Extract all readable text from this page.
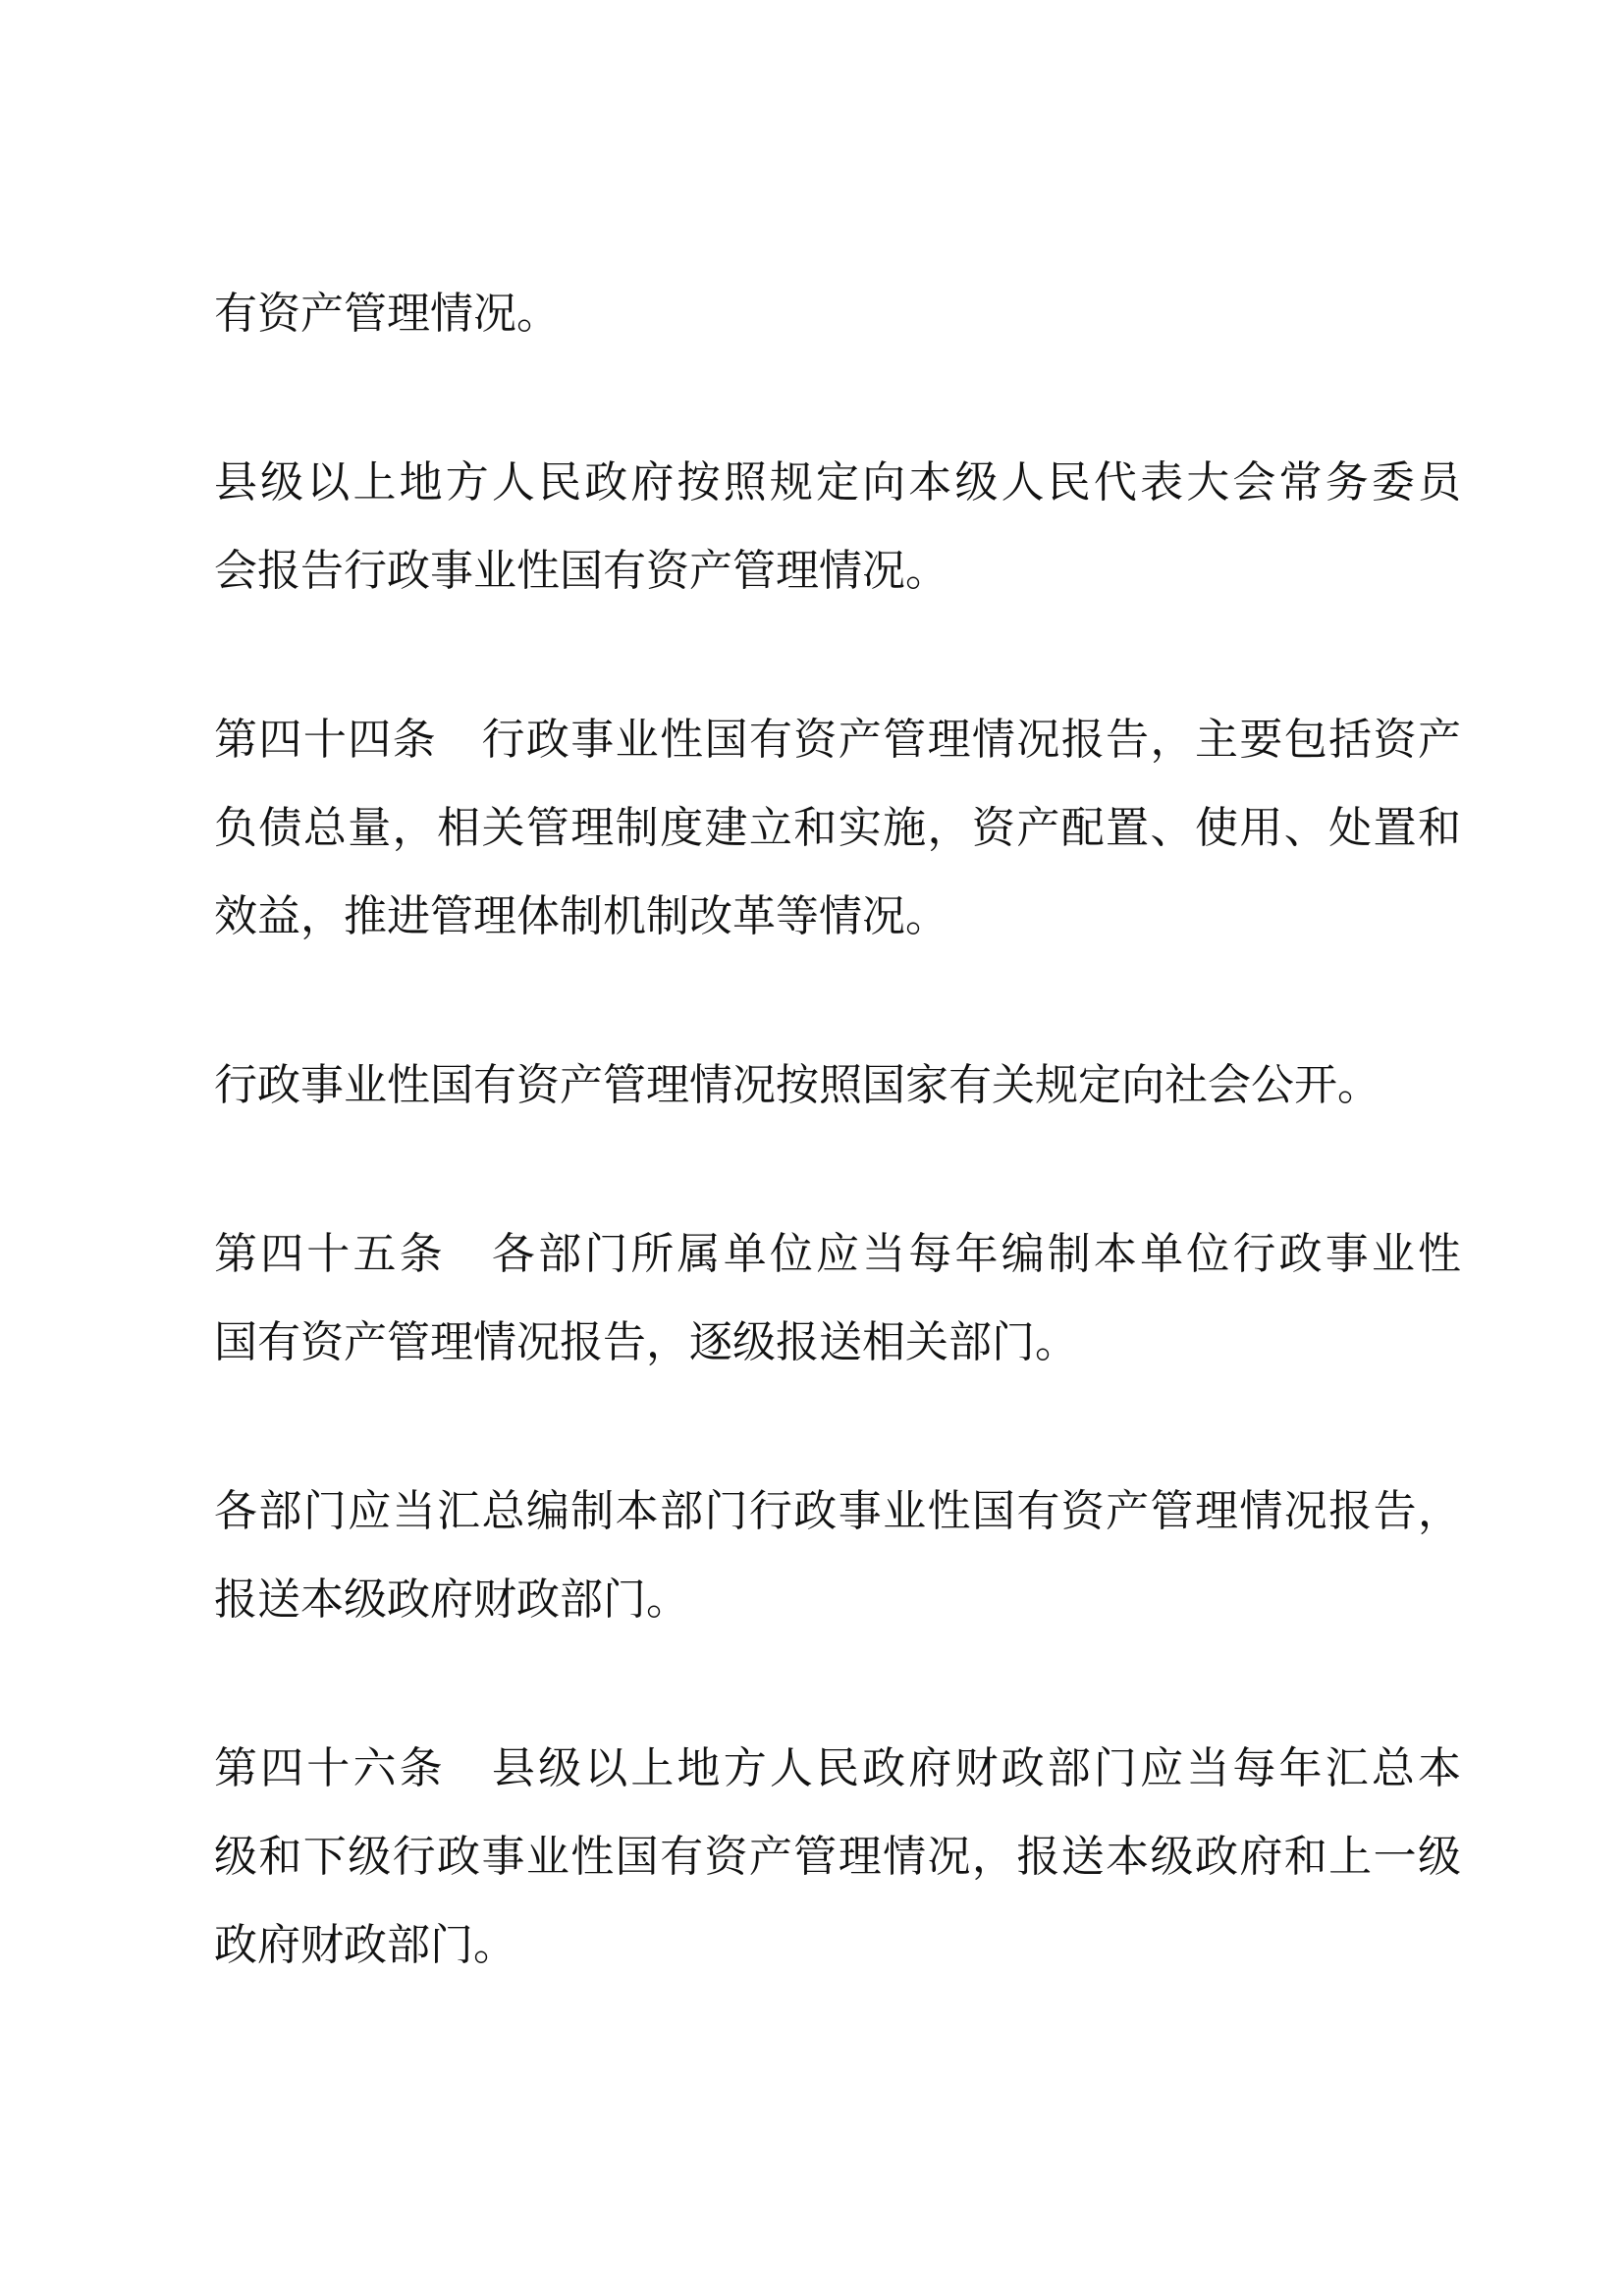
有资产管理情况。
县级以上地方人民政府按照规定向本级人民代表大会常务委员
会报告行政事业性国有资产管理情况。
第四十四条　行政事业性国有资产管理情况报告，主要包括资产
负债总量，相关管理制度建立和实施，资产配置、使用、处置和
效益，推进管理体制机制改革等情况。
行政事业性国有资产管理情况按照国家有关规定向社会公开。
第四十五条　各部门所属单位应当每年编制本单位行政事业性
国有资产管理情况报告，逐级报送相关部门。
各部门应当汇总编制本部门行政事业性国有资产管理情况报告，
报送本级政府财政部门。
第四十六条　县级以上地方人民政府财政部门应当每年汇总本
级和下级行政事业性国有资产管理情况，报送本级政府和上一级
政府财政部门。
